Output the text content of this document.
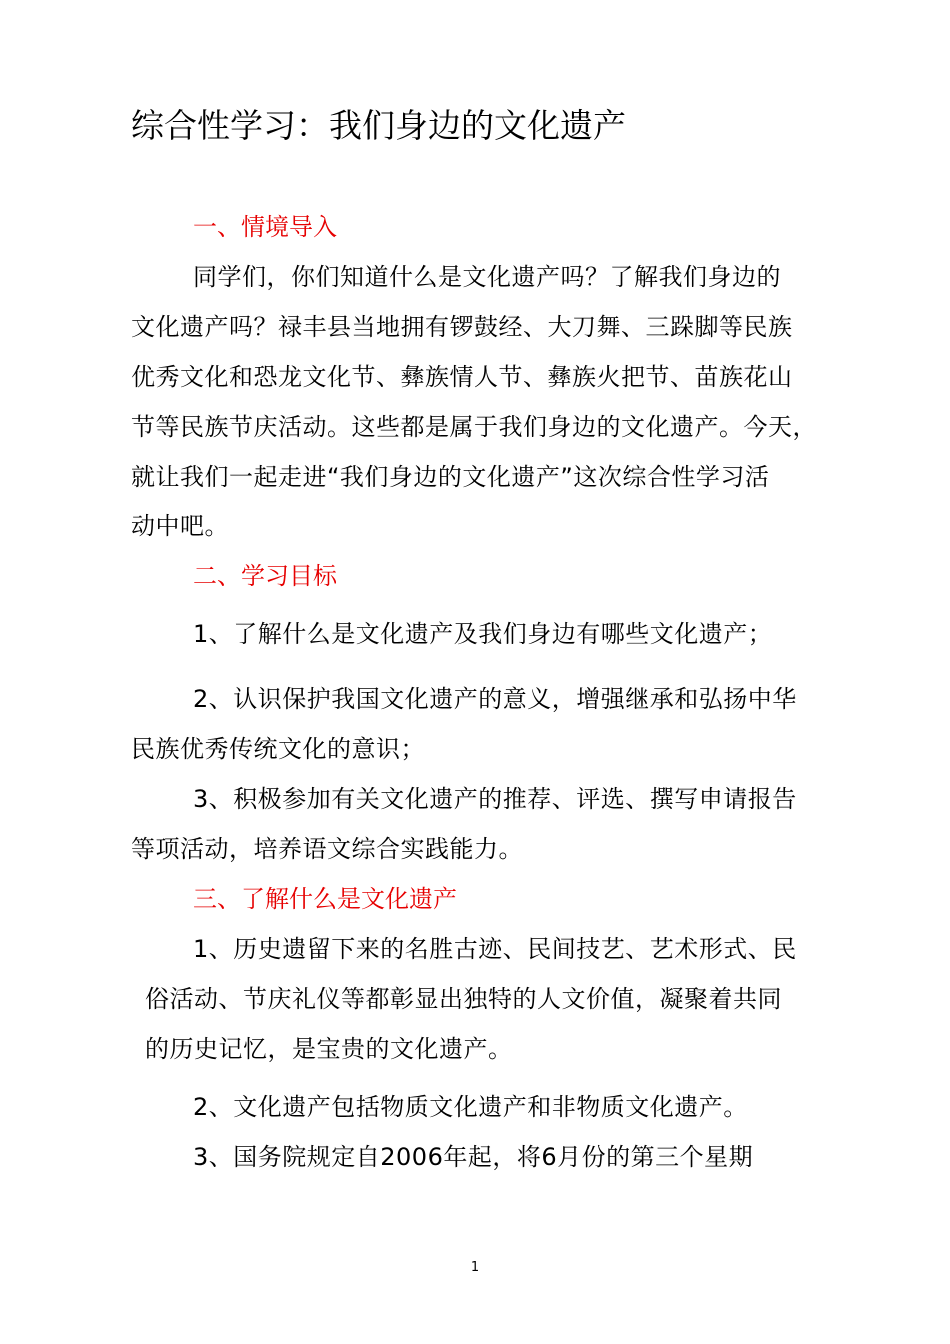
综合性学习：我们身边的文化遗产
一、情境导入
同学们，你们知道什么是文化遗产吗？了解我们身边的
文化遗产吗？禄丰县当地拥有锣鼓经、大刀舞、三跺脚等民族
优秀文化和恐龙文化节、彝族情人节、彝族火把节、苗族花山
节等民族节庆活动。这些都是属于我们身边的文化遗产。今天，
就让我们一起走进“我们身边的文化遗产”这次综合性学习活
动中吧。
二、学习目标
1、了解什么是文化遗产及我们身边有哪些文化遗产；
2、认识保护我国文化遗产的意义，增强继承和弘扬中华
民族优秀传统文化的意识；
3、积极参加有关文化遗产的推荐、评选、撰写申请报告
等项活动，培养语文综合实践能力。
三、了解什么是文化遗产
1、历史遗留下来的名胜古迹、民间技艺、艺术形式、民
俗活动、节庆礼仪等都彰显出独特的人文价值，凝聚着共同
的历史记忆，是宝贵的文化遗产。
2、文化遗产包括物质文化遗产和非物质文化遗产。
3、国务院规定自2006年起，将6月份的第三个星期
1
